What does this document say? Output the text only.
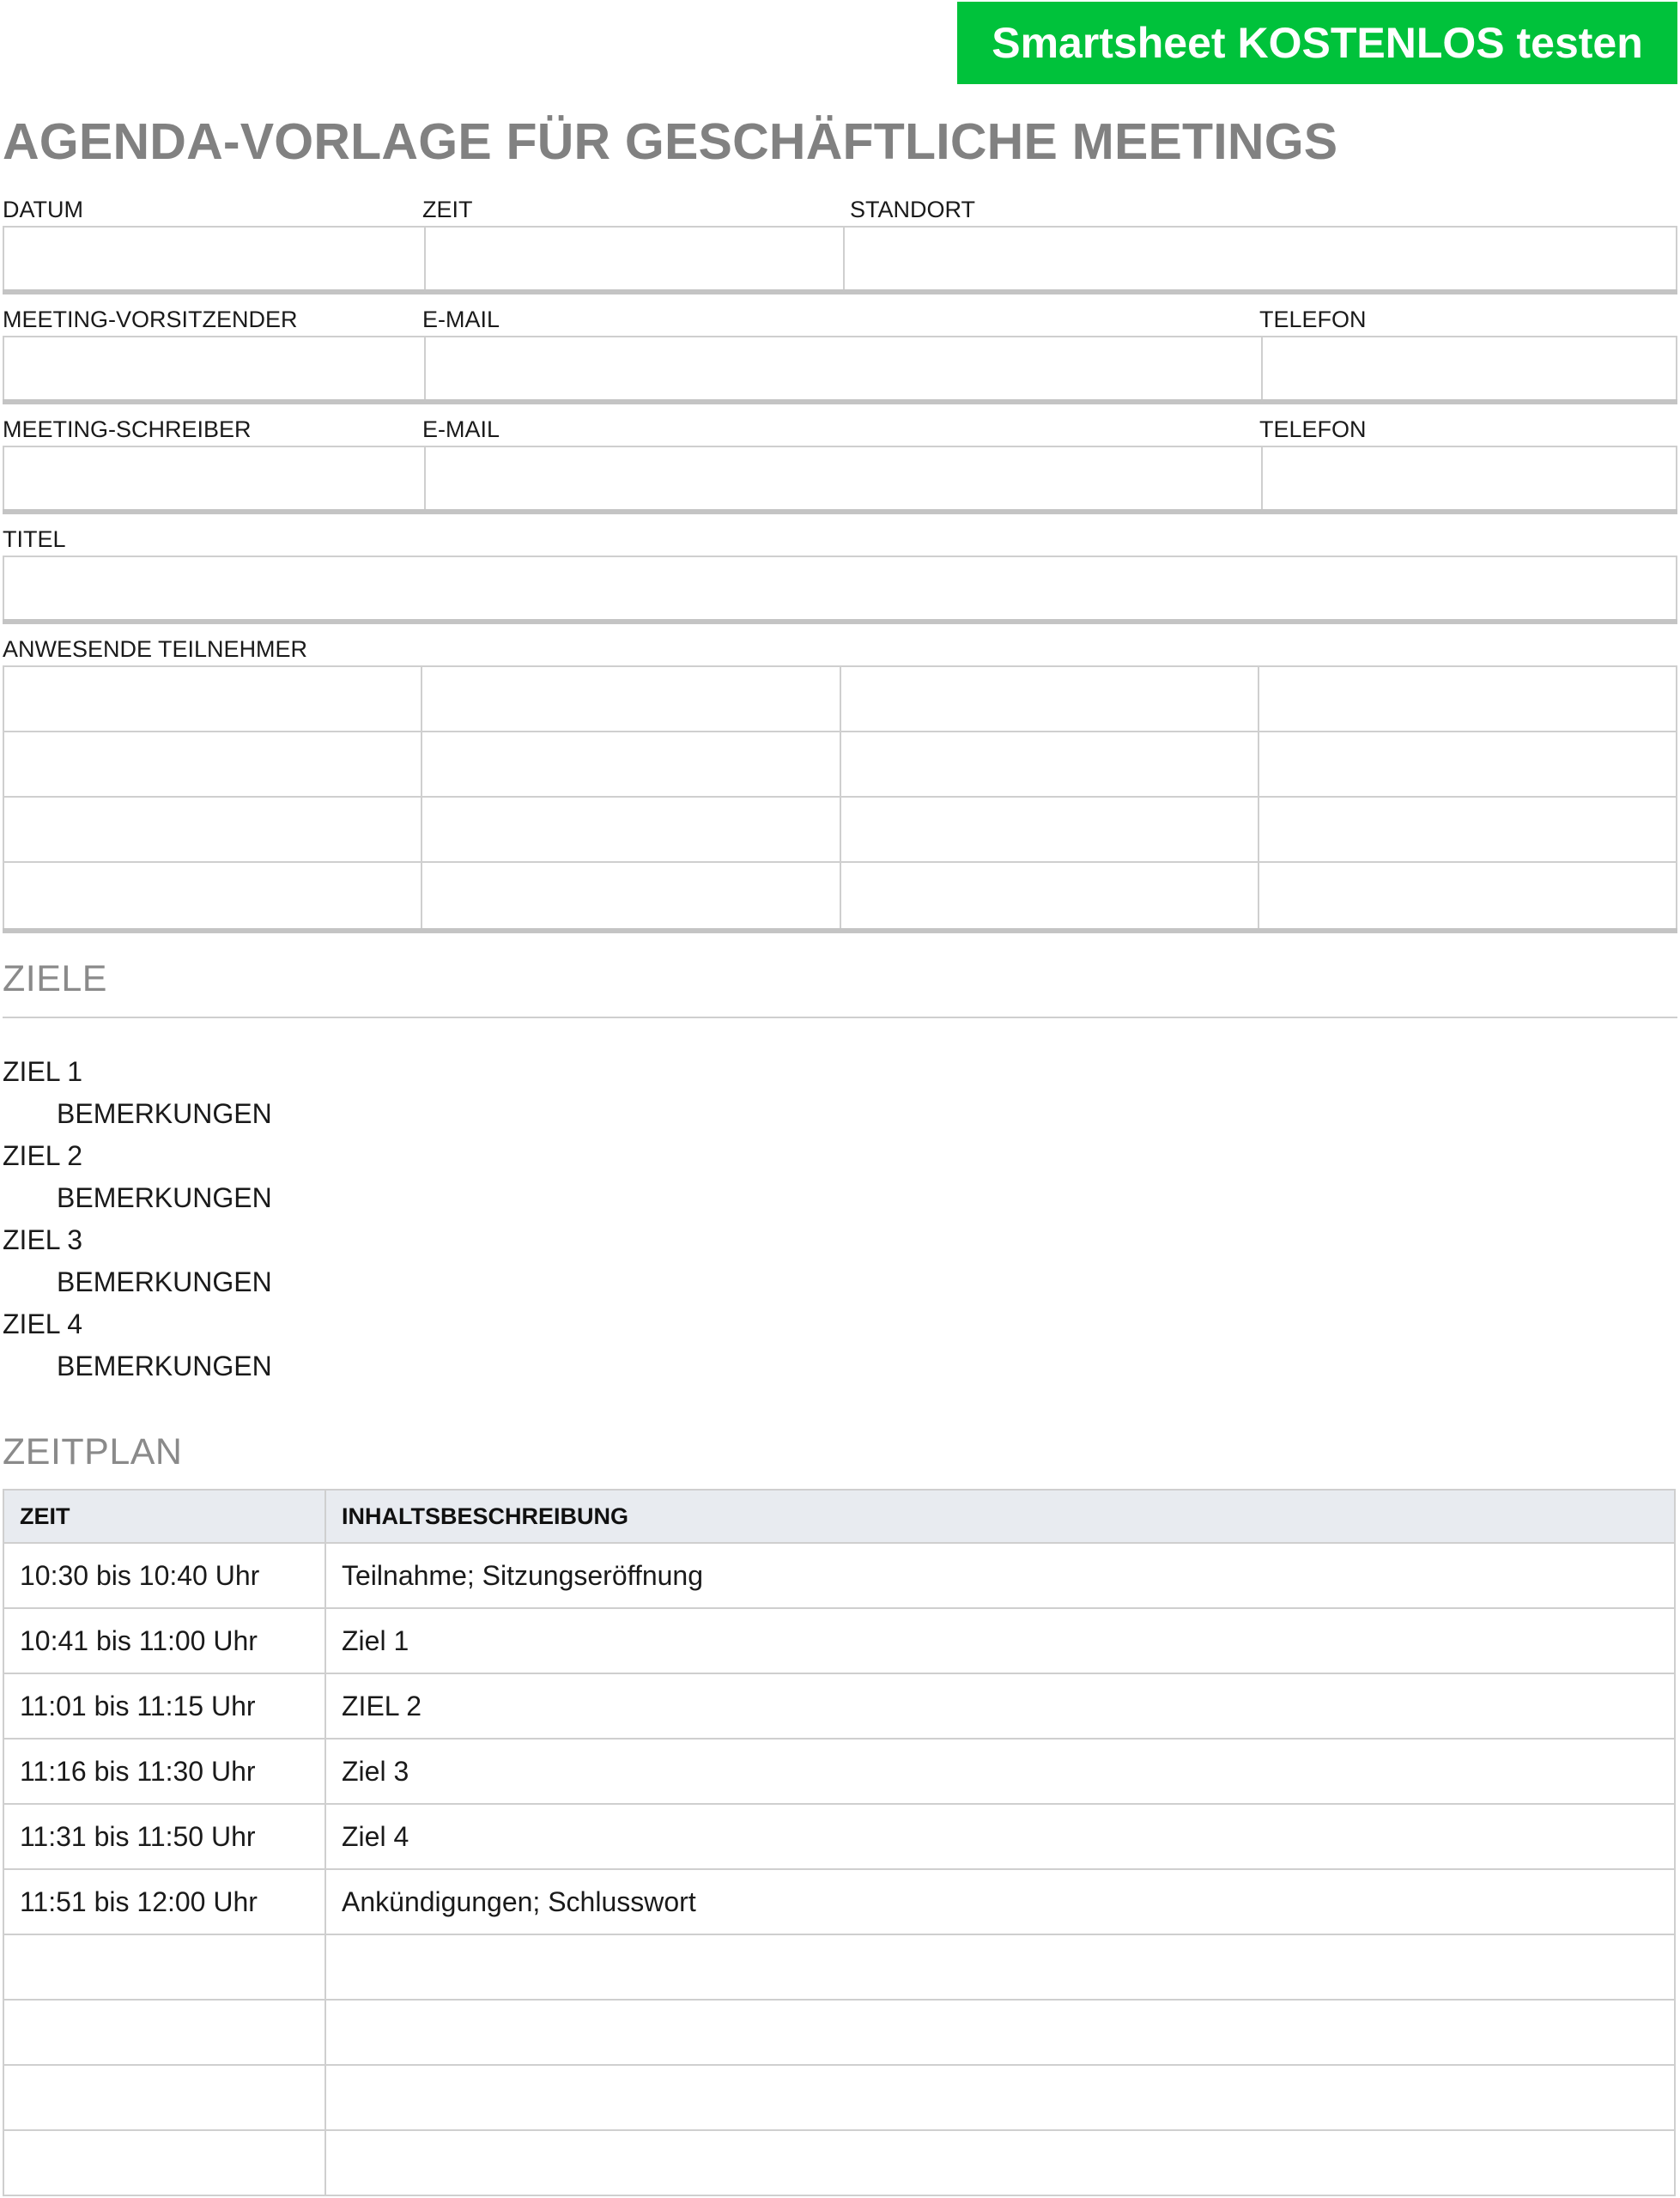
Smartsheet KOSTENLOS testen
AGENDA-VORLAGE FÜR GESCHÄFTLICHE MEETINGS
DATUM	ZEIT	STANDORT
MEETING-VORSITZENDER	E-MAIL	TELEFON
MEETING-SCHREIBER	E-MAIL	TELEFON
TITEL
ANWESENDE TEILNEHMER
ZIELE
ZIEL 1
BEMERKUNGEN
ZIEL 2
BEMERKUNGEN
ZIEL 3
BEMERKUNGEN
ZIEL 4
BEMERKUNGEN
ZEITPLAN
ZEIT	INHALTSBESCHREIBUNG
10:30 bis 10:40 Uhr	Teilnahme; Sitzungseröffnung
10:41 bis 11:00 Uhr	Ziel 1
11:01 bis 11:15 Uhr	ZIEL 2
11:16 bis 11:30 Uhr	Ziel 3
11:31 bis 11:50 Uhr	Ziel 4
11:51 bis 12:00 Uhr	Ankündigungen; Schlusswort
